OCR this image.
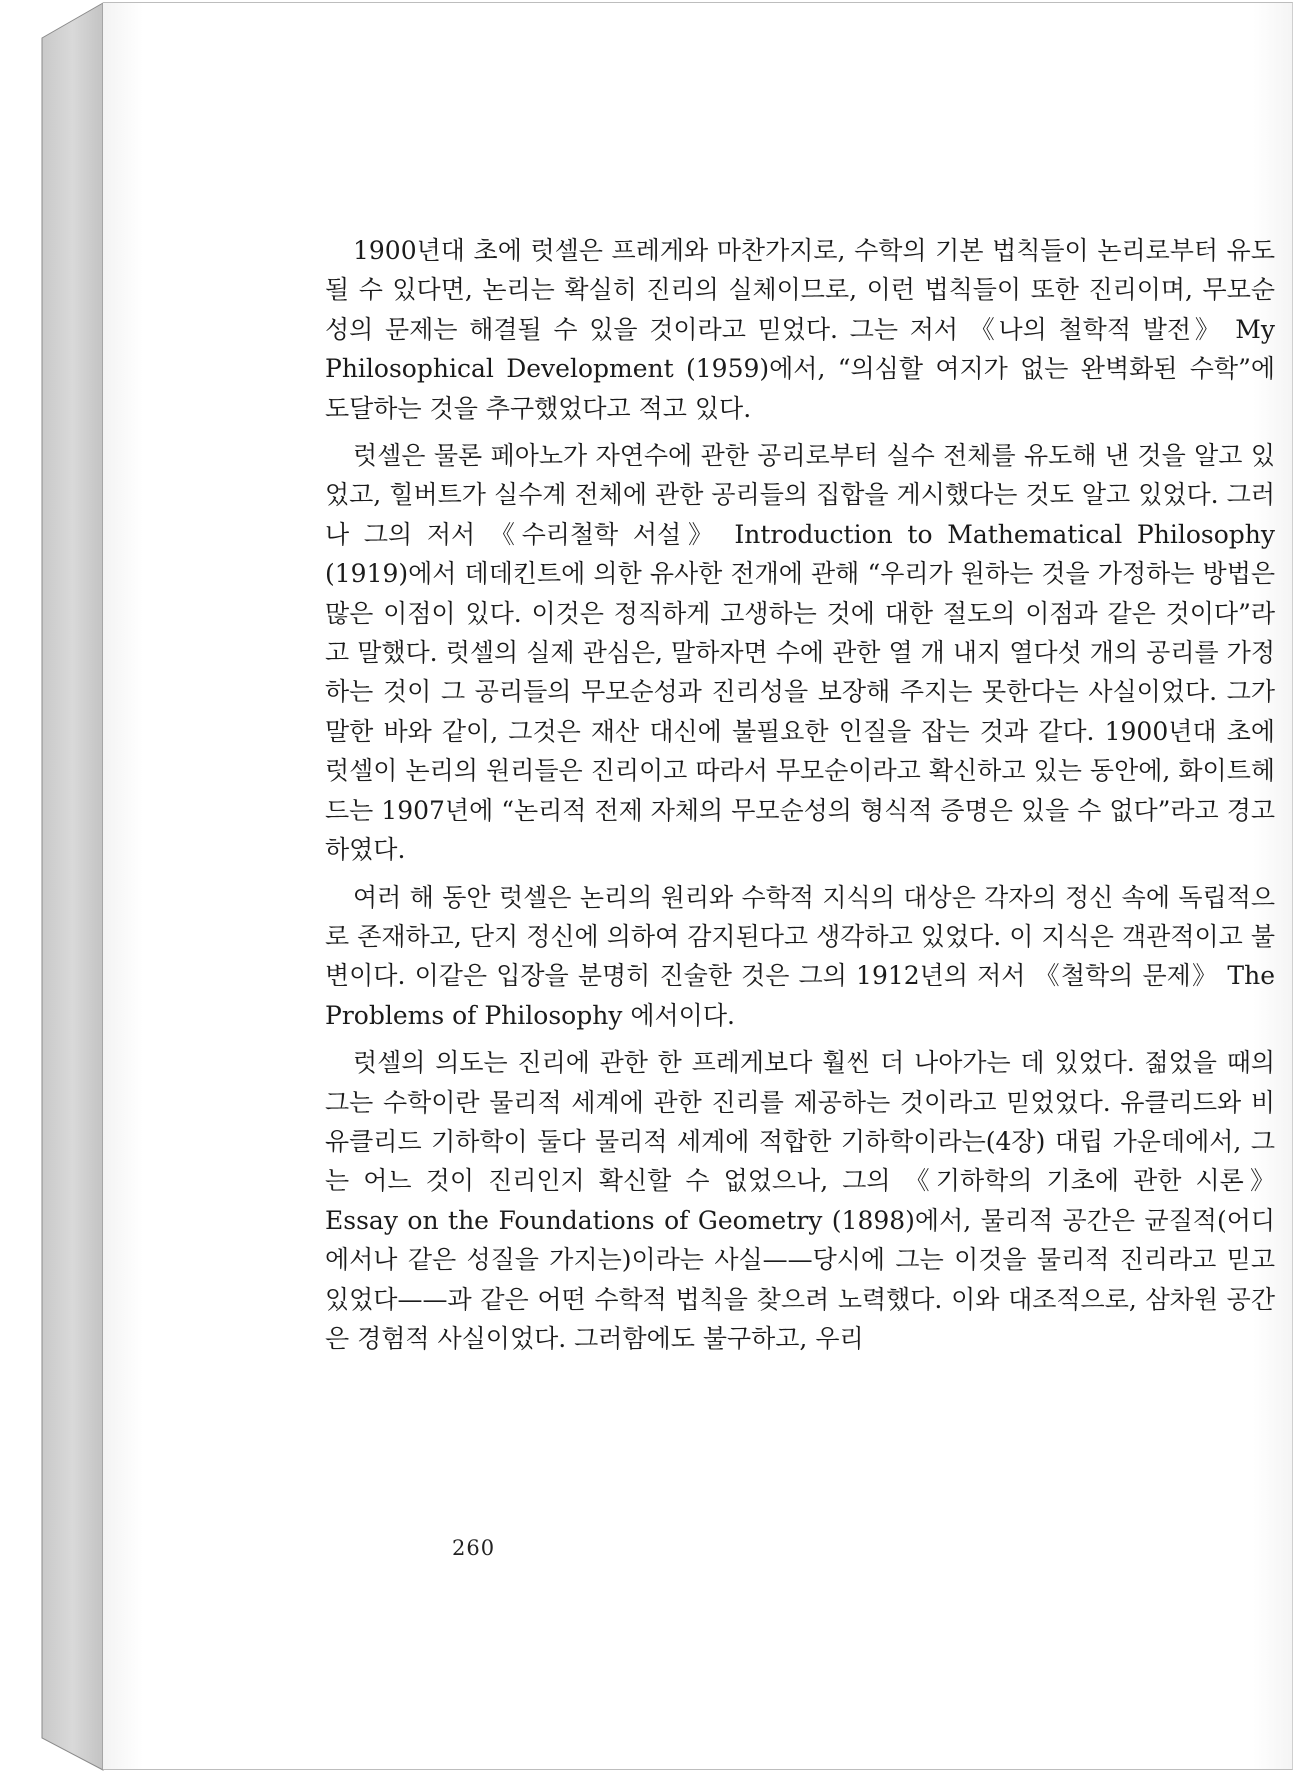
1900년대 초에 럿셀은 프레게와 마찬가지로, 수학의 기본 법칙들이 논리로부터 유도될 수 있다면, 논리는 확실히 진리의 실체이므로, 이런 법칙들이 또한 진리이며, 무모순성의 문제는 해결될 수 있을 것이라고 믿었다. 그는 저서 《나의 철학적 발전》 My Philosophical Development (1959)에서, “의심할 여지가 없는 완벽화된 수학”에 도달하는 것을 추구했었다고 적고 있다.

럿셀은 물론 페아노가 자연수에 관한 공리로부터 실수 전체를 유도해 낸 것을 알고 있었고, 힐버트가 실수계 전체에 관한 공리들의 집합을 게시했다는 것도 알고 있었다. 그러나 그의 저서 《수리철학 서설》 Introduction to Mathematical Philosophy (1919)에서 데데킨트에 의한 유사한 전개에 관해 “우리가 원하는 것을 가정하는 방법은 많은 이점이 있다. 이것은 정직하게 고생하는 것에 대한 절도의 이점과 같은 것이다”라고 말했다. 럿셀의 실제 관심은, 말하자면 수에 관한 열 개 내지 열다섯 개의 공리를 가정하는 것이 그 공리들의 무모순성과 진리성을 보장해 주지는 못한다는 사실이었다. 그가 말한 바와 같이, 그것은 재산 대신에 불필요한 인질을 잡는 것과 같다. 1900년대 초에 럿셀이 논리의 원리들은 진리이고 따라서 무모순이라고 확신하고 있는 동안에, 화이트헤드는 1907년에 “논리적 전제 자체의 무모순성의 형식적 증명은 있을 수 없다”라고 경고하였다.

여러 해 동안 럿셀은 논리의 원리와 수학적 지식의 대상은 각자의 정신 속에 독립적으로 존재하고, 단지 정신에 의하여 감지된다고 생각하고 있었다. 이 지식은 객관적이고 불변이다. 이같은 입장을 분명히 진술한 것은 그의 1912년의 저서 《철학의 문제》 The Problems of Philosophy 에서이다.

럿셀의 의도는 진리에 관한 한 프레게보다 훨씬 더 나아가는 데 있었다. 젊었을 때의 그는 수학이란 물리적 세계에 관한 진리를 제공하는 것이라고 믿었었다. 유클리드와 비유클리드 기하학이 둘다 물리적 세계에 적합한 기하학이라는(4장) 대립 가운데에서, 그는 어느 것이 진리인지 확신할 수 없었으나, 그의 《기하학의 기초에 관한 시론》 Essay on the Foundations of Geometry (1898)에서, 물리적 공간은 균질적(어디에서나 같은 성질을 가지는)이라는 사실——당시에 그는 이것을 물리적 진리라고 믿고 있었다——과 같은 어떤 수학적 법칙을 찾으려 노력했다. 이와 대조적으로, 삼차원 공간은 경험적 사실이었다. 그러함에도 불구하고, 우리

260
